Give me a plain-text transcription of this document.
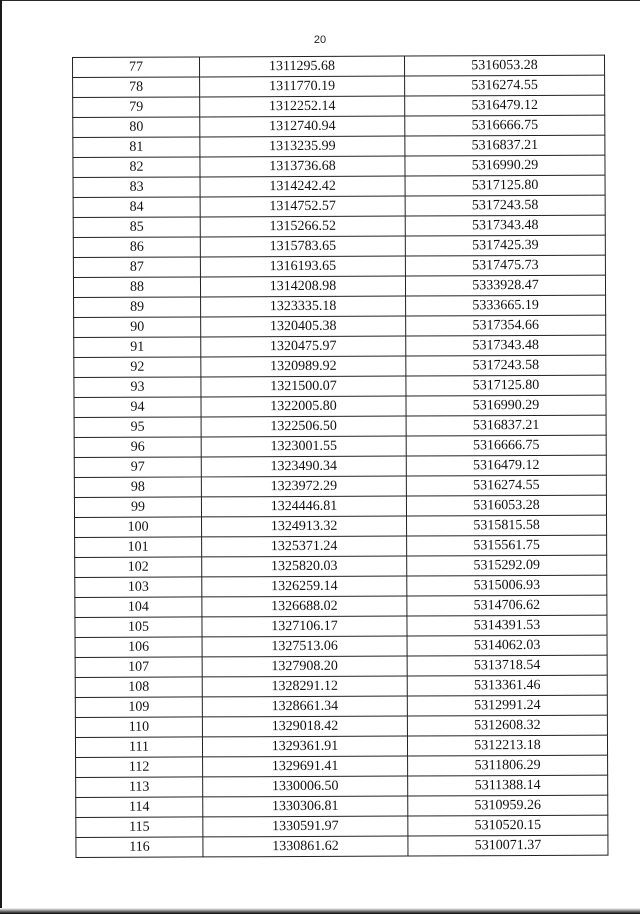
20
77	1311295.68	5316053.28
78	1311770.19	5316274.55
79	1312252.14	5316479.12
80	1312740.94	5316666.75
81	1313235.99	5316837.21
82	1313736.68	5316990.29
83	1314242.42	5317125.80
84	1314752.57	5317243.58
85	1315266.52	5317343.48
86	1315783.65	5317425.39
87	1316193.65	5317475.73
88	1314208.98	5333928.47
89	1323335.18	5333665.19
90	1320405.38	5317354.66
91	1320475.97	5317343.48
92	1320989.92	5317243.58
93	1321500.07	5317125.80
94	1322005.80	5316990.29
95	1322506.50	5316837.21
96	1323001.55	5316666.75
97	1323490.34	5316479.12
98	1323972.29	5316274.55
99	1324446.81	5316053.28
100	1324913.32	5315815.58
101	1325371.24	5315561.75
102	1325820.03	5315292.09
103	1326259.14	5315006.93
104	1326688.02	5314706.62
105	1327106.17	5314391.53
106	1327513.06	5314062.03
107	1327908.20	5313718.54
108	1328291.12	5313361.46
109	1328661.34	5312991.24
110	1329018.42	5312608.32
111	1329361.91	5312213.18
112	1329691.41	5311806.29
113	1330006.50	5311388.14
114	1330306.81	5310959.26
115	1330591.97	5310520.15
116	1330861.62	5310071.37
